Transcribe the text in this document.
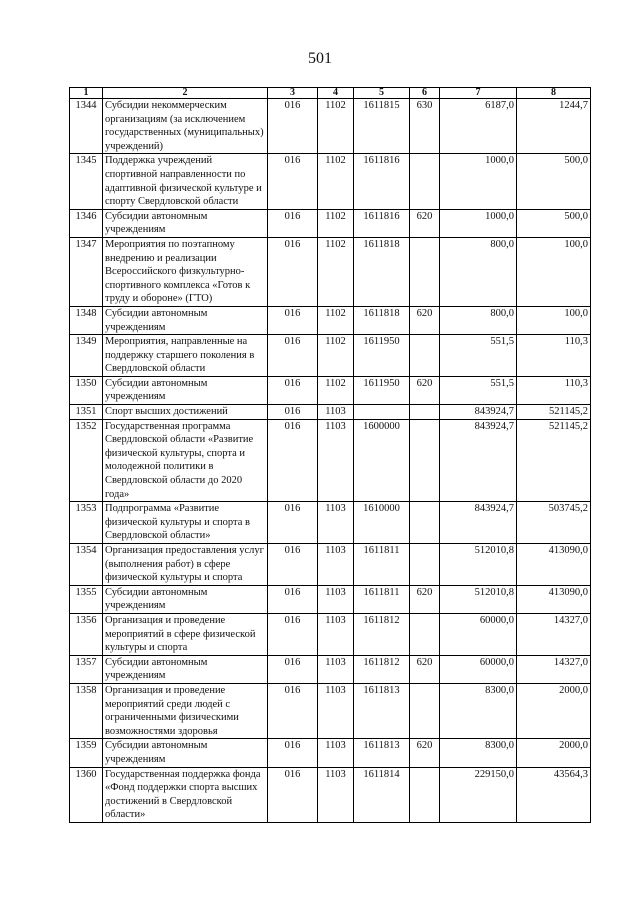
501
1	2	3	4	5	6	7	8
1344	Субсидии некоммерческим организациям (за исключением государственных (муниципальных) учреждений)	016	1102	1611815	630	6187,0	1244,7
1345	Поддержка учреждений спортивной направленности по адаптивной физической культуре и спорту Свердловской области	016	1102	1611816		1000,0	500,0
1346	Субсидии автономным учреждениям	016	1102	1611816	620	1000,0	500,0
1347	Мероприятия по поэтапному внедрению и реализации Всероссийского физкультурно-спортивного комплекса «Готов к труду и обороне» (ГТО)	016	1102	1611818		800,0	100,0
1348	Субсидии автономным учреждениям	016	1102	1611818	620	800,0	100,0
1349	Мероприятия, направленные на поддержку старшего поколения в Свердловской области	016	1102	1611950		551,5	110,3
1350	Субсидии автономным учреждениям	016	1102	1611950	620	551,5	110,3
1351	Спорт высших достижений	016	1103			843924,7	521145,2
1352	Государственная программа Свердловской области «Развитие физической культуры, спорта и молодежной политики в Свердловской области до 2020 года»	016	1103	1600000		843924,7	521145,2
1353	Подпрограмма «Развитие физической культуры и спорта в Свердловской области»	016	1103	1610000		843924,7	503745,2
1354	Организация предоставления услуг (выполнения работ) в сфере физической культуры и спорта	016	1103	1611811		512010,8	413090,0
1355	Субсидии автономным учреждениям	016	1103	1611811	620	512010,8	413090,0
1356	Организация и проведение мероприятий в сфере физической культуры и спорта	016	1103	1611812		60000,0	14327,0
1357	Субсидии автономным учреждениям	016	1103	1611812	620	60000,0	14327,0
1358	Организация и проведение мероприятий среди людей с ограниченными физическими возможностями здоровья	016	1103	1611813		8300,0	2000,0
1359	Субсидии автономным учреждениям	016	1103	1611813	620	8300,0	2000,0
1360	Государственная поддержка фонда «Фонд поддержки спорта высших достижений в Свердловской области»	016	1103	1611814		229150,0	43564,3
